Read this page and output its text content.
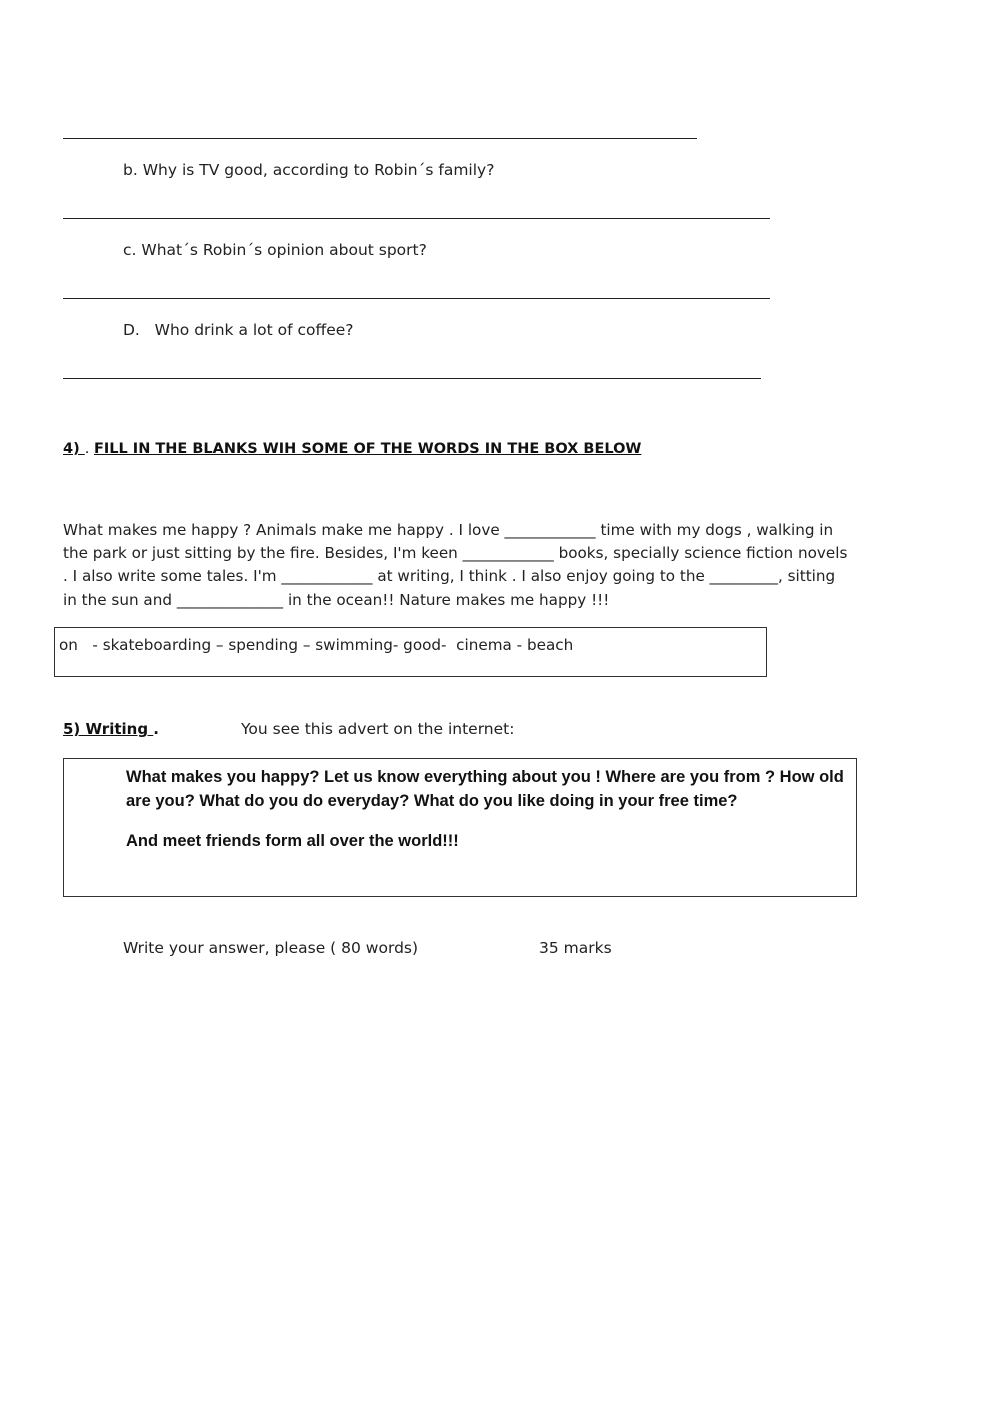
b. Why is TV good, according to Robin´s family?
c. What´s Robin´s opinion about sport?
D.   Who drink a lot of coffee?
4) . FILL IN THE BLANKS WIH SOME OF THE WORDS IN THE BOX BELOW
What makes me happy ? Animals make me happy . I love ____________ time with my dogs , walking in
the park or just sitting by the fire. Besides, I'm keen ____________ books, specially science fiction novels
. I also write some tales. I'm ____________ at writing, I think . I also enjoy going to the _________, sitting
in the sun and ______________ in the ocean!! Nature makes me happy !!!
on   - skateboarding – spending – swimming- good-  cinema - beach
5) Writing .	You see this advert on the internet:

What makes you happy? Let us know everything about you ! Where are you from ? How old are you? What do you do everyday? What do you like doing in your free time?

And meet friends form all over the world!!!

Write your answer, please ( 80 words)	35 marks
